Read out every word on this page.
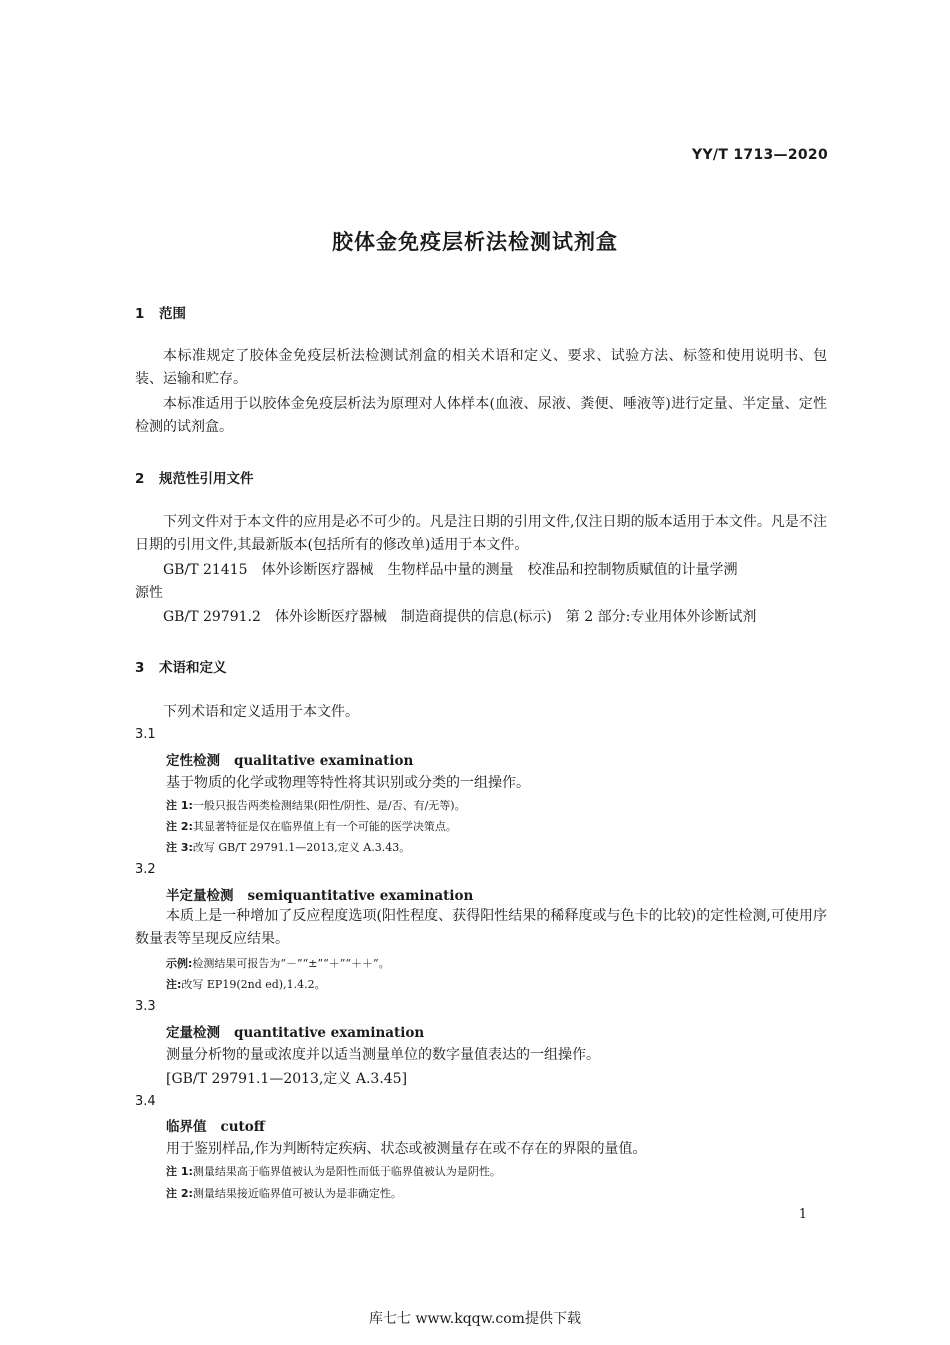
YY/T 1713—2020
胶体金免疫层析法检测试剂盒
1 范围
本标准规定了胶体金免疫层析法检测试剂盒的相关术语和定义、要求、试验方法、标签和使用说明书、包装、运输和贮存。
本标准适用于以胶体金免疫层析法为原理对人体样本(血液、尿液、粪便、唾液等)进行定量、半定量、定性检测的试剂盒。
2 规范性引用文件
下列文件对于本文件的应用是必不可少的。凡是注日期的引用文件,仅注日期的版本适用于本文件。凡是不注日期的引用文件,其最新版本(包括所有的修改单)适用于本文件。
GB/T 21415　体外诊断医疗器械　生物样品中量的测量　校准品和控制物质赋值的计量学溯
源性
GB/T 29791.2　体外诊断医疗器械　制造商提供的信息(标示)　第 2 部分:专业用体外诊断试剂
3 术语和定义
下列术语和定义适用于本文件。
3.1
定性检测 qualitative examination
基于物质的化学或物理等特性将其识别或分类的一组操作。
注 1:一般只报告两类检测结果(阳性/阴性、是/否、有/无等)。
注 2:其显著特征是仅在临界值上有一个可能的医学决策点。
注 3:改写 GB/T 29791.1—2013,定义 A.3.43。
3.2
半定量检测 semiquantitative examination
本质上是一种增加了反应程度选项(阳性程度、获得阳性结果的稀释度或与色卡的比较)的定性检测,可使用序数量表等呈现反应结果。
示例:检测结果可报告为“－”“±”“＋”“＋＋”。
注:改写 EP19(2nd ed),1.4.2。
3.3
定量检测 quantitative examination
测量分析物的量或浓度并以适当测量单位的数字量值表达的一组操作。
[GB/T 29791.1—2013,定义 A.3.45]
3.4
临界值 cutoff
用于鉴别样品,作为判断特定疾病、状态或被测量存在或不存在的界限的量值。
注 1:测量结果高于临界值被认为是阳性而低于临界值被认为是阴性。
注 2:测量结果接近临界值可被认为是非确定性。
1
库七七 www.kqqw.com提供下载
